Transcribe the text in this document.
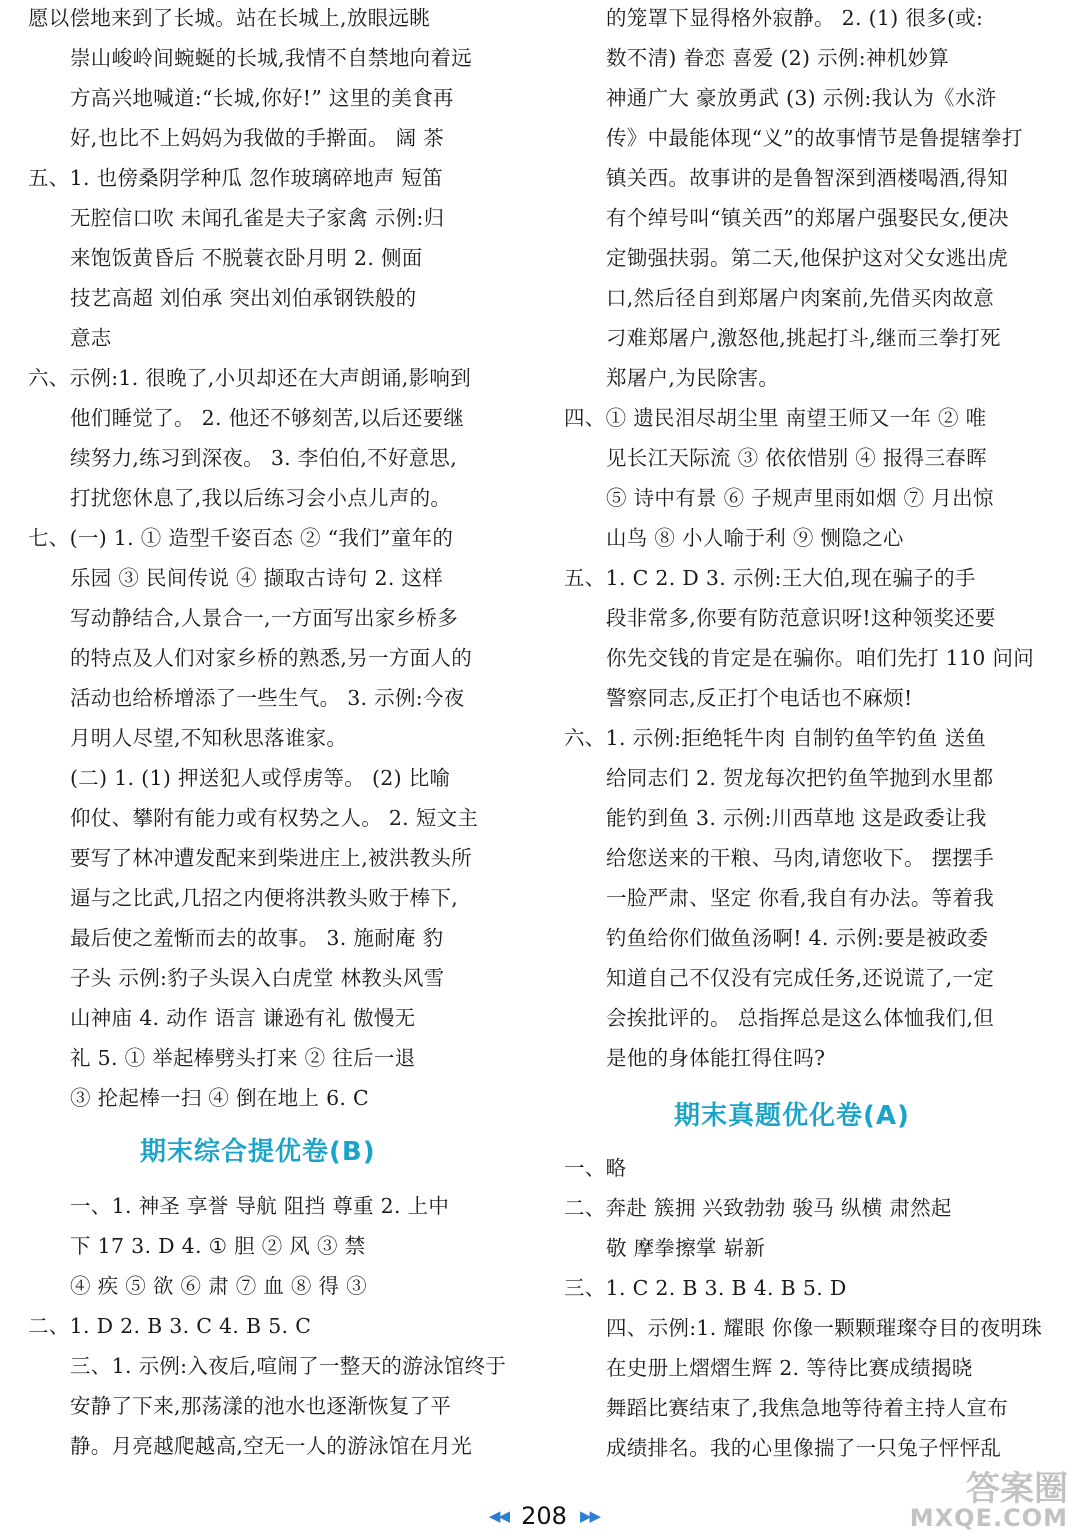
愿以偿地来到了长城。站在长城上,放眼远眺
崇山峻岭间蜿蜒的长城,我情不自禁地向着远
方高兴地喊道:“长城,你好!” 这里的美食再
好,也比不上妈妈为我做的手擀面。 阔 茶
五、1. 也傍桑阴学种瓜 忽作玻璃碎地声 短笛
无腔信口吹 未闻孔雀是夫子家禽 示例:归
来饱饭黄昏后 不脱蓑衣卧月明 2. 侧面
技艺高超 刘伯承 突出刘伯承钢铁般的
意志
六、示例:1. 很晚了,小贝却还在大声朗诵,影响到
他们睡觉了。 2. 他还不够刻苦,以后还要继
续努力,练习到深夜。 3. 李伯伯,不好意思,
打扰您休息了,我以后练习会小点儿声的。
七、(一) 1. ① 造型千姿百态 ② “我们”童年的
乐园 ③ 民间传说 ④ 撷取古诗句 2. 这样
写动静结合,人景合一,一方面写出家乡桥多
的特点及人们对家乡桥的熟悉,另一方面人的
活动也给桥增添了一些生气。 3. 示例:今夜
月明人尽望,不知秋思落谁家。
(二) 1. (1) 押送犯人或俘虏等。 (2) 比喻
仰仗、攀附有能力或有权势之人。 2. 短文主
要写了林冲遭发配来到柴进庄上,被洪教头所
逼与之比武,几招之内便将洪教头败于棒下,
最后使之羞惭而去的故事。 3. 施耐庵 豹
子头 示例:豹子头误入白虎堂 林教头风雪
山神庙 4. 动作 语言 谦逊有礼 傲慢无
礼 5. ① 举起棒劈头打来 ② 往后一退
③ 抡起棒一扫 ④ 倒在地上 6. C
期末综合提优卷(B)
一、1. 神圣 享誉 导航 阻挡 尊重 2. 上中
下 17 3. D 4. ① 胆 ② 风 ③ 禁
④ 疾 ⑤ 欲 ⑥ 肃 ⑦ 血 ⑧ 得 ③
二、1. D 2. B 3. C 4. B 5. C
三、1. 示例:入夜后,喧闹了一整天的游泳馆终于
安静了下来,那荡漾的池水也逐渐恢复了平
静。月亮越爬越高,空无一人的游泳馆在月光
的笼罩下显得格外寂静。 2. (1) 很多(或:
数不清) 眷恋 喜爱 (2) 示例:神机妙算
神通广大 豪放勇武 (3) 示例:我认为《水浒
传》中最能体现“义”的故事情节是鲁提辖拳打
镇关西。故事讲的是鲁智深到酒楼喝酒,得知
有个绰号叫“镇关西”的郑屠户强娶民女,便决
定锄强扶弱。第二天,他保护这对父女逃出虎
口,然后径自到郑屠户肉案前,先借买肉故意
刁难郑屠户,激怒他,挑起打斗,继而三拳打死
郑屠户,为民除害。
四、① 遗民泪尽胡尘里 南望王师又一年 ② 唯
见长江天际流 ③ 依依惜别 ④ 报得三春晖
⑤ 诗中有景 ⑥ 子规声里雨如烟 ⑦ 月出惊
山鸟 ⑧ 小人喻于利 ⑨ 恻隐之心
五、1. C 2. D 3. 示例:王大伯,现在骗子的手
段非常多,你要有防范意识呀!这种领奖还要
你先交钱的肯定是在骗你。咱们先打 110 问问
警察同志,反正打个电话也不麻烦!
六、1. 示例:拒绝牦牛肉 自制钓鱼竿钓鱼 送鱼
给同志们 2. 贺龙每次把钓鱼竿抛到水里都
能钓到鱼 3. 示例:川西草地 这是政委让我
给您送来的干粮、马肉,请您收下。 摆摆手
一脸严肃、坚定 你看,我自有办法。等着我
钓鱼给你们做鱼汤啊! 4. 示例:要是被政委
知道自己不仅没有完成任务,还说谎了,一定
会挨批评的。 总指挥总是这么体恤我们,但
是他的身体能扛得住吗?
期末真题优化卷(A)
一、略
二、奔赴 簇拥 兴致勃勃 骏马 纵横 肃然起
敬 摩拳擦掌 崭新
三、1. C 2. B 3. B 4. B 5. D
四、示例:1. 耀眼 你像一颗颗璀璨夺目的夜明珠
在史册上熠熠生辉 2. 等待比赛成绩揭晓
舞蹈比赛结束了,我焦急地等待着主持人宣布
成绩排名。我的心里像揣了一只兔子怦怦乱
◀◀ 208 ▶▶
答案圈
MXQE.COM
